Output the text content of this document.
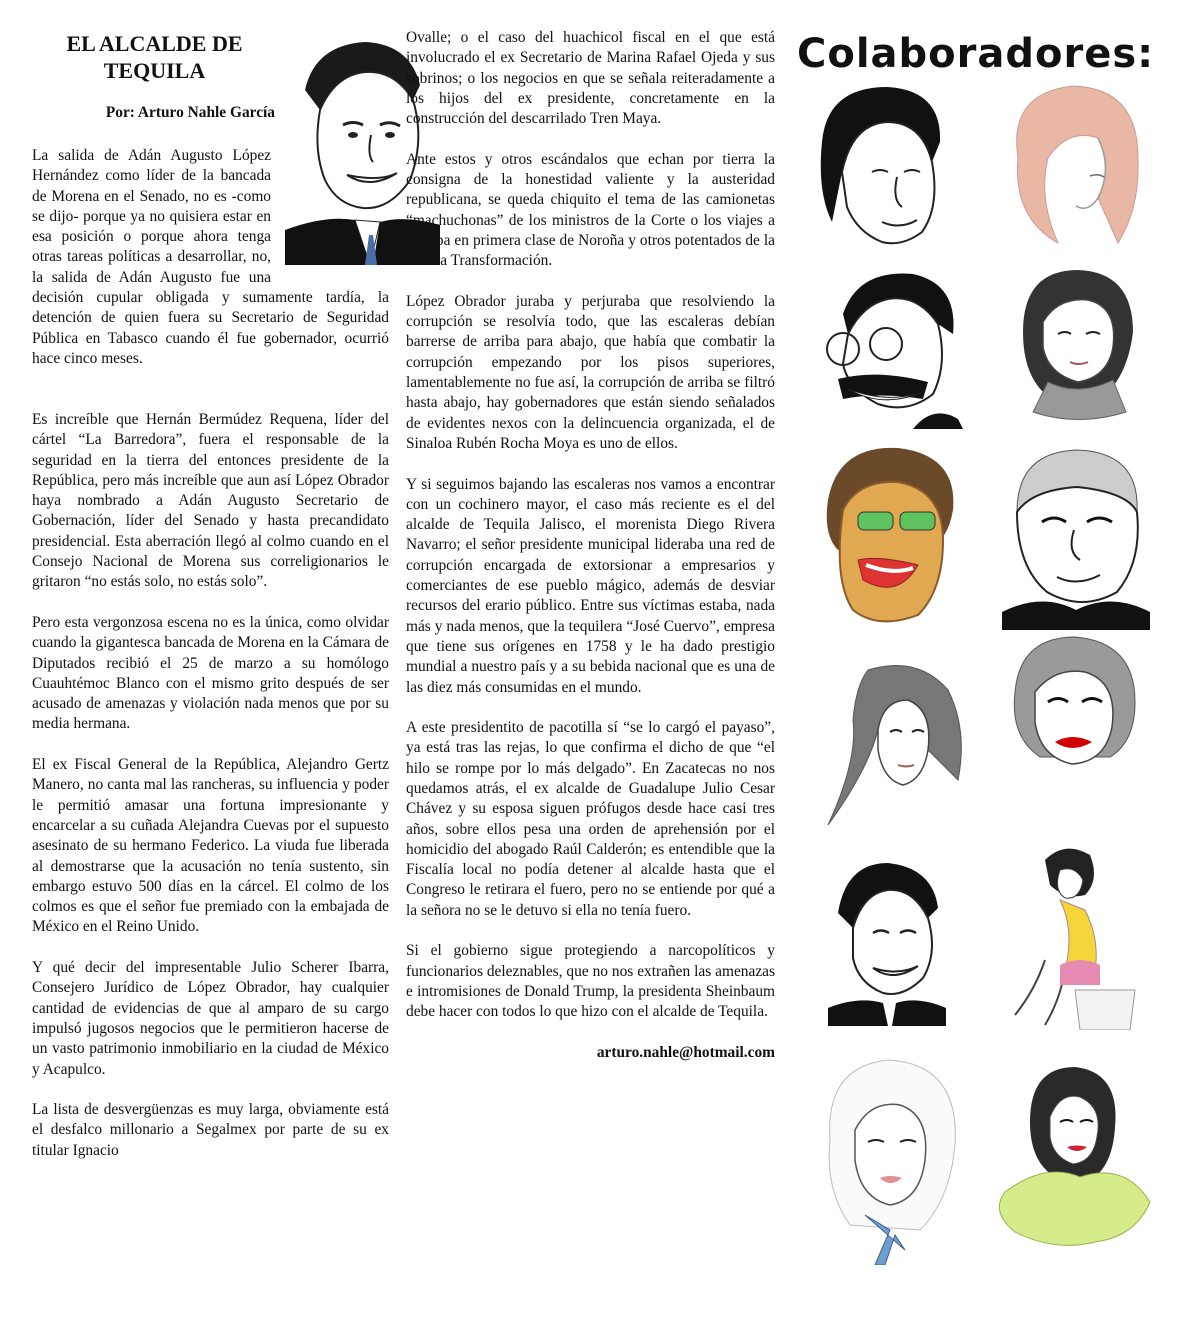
EL ALCALDE DE TEQUILA
Por: Arturo Nahle García
La salida de Adán Augusto López Hernández como líder de la bancada de Morena en el Senado, no es -como se dijo- porque ya no quisiera estar en esa posición o porque ahora tenga otras tareas políticas a desarrollar, no, la salida de Adán Augusto fue una decisión cupular obligada y sumamente tardía, la detención de quien fuera su Secretario de Seguridad Pública en Tabasco cuando él fue gobernador, ocurrió hace cinco meses.

Es increíble que Hernán Bermúdez Requena, líder del cártel “La Barredora”, fuera el responsable de la seguridad en la tierra del entonces presidente de la República, pero más increíble que aun así López Obrador haya nombrado a Adán Augusto Secretario de Gobernación, líder del Senado y hasta precandidato presidencial. Esta aberración llegó al colmo cuando en el Consejo Nacional de Morena sus correligionarios le gritaron “no estás solo, no estás solo”.

Pero esta vergonzosa escena no es la única, como olvidar cuando la gigantesca bancada de Morena en la Cámara de Diputados recibió el 25 de marzo a su homólogo Cuauhtémoc Blanco con el mismo grito después de ser acusado de amenazas y violación nada menos que por su media hermana.

El ex Fiscal General de la República, Alejandro Gertz Manero, no canta mal las rancheras, su influencia y poder le permitió amasar una fortuna impresionante y encarcelar a su cuñada Alejandra Cuevas por el supuesto asesinato de su hermano Federico. La viuda fue liberada al demostrarse que la acusación no tenía sustento, sin embargo estuvo 500 días en la cárcel. El colmo de los colmos es que el señor fue premiado con la embajada de México en el Reino Unido.

Y qué decir del impresentable Julio Scherer Ibarra, Consejero Jurídico de López Obrador, hay cualquier cantidad de evidencias de que al amparo de su cargo impulsó jugosos negocios que le permitieron hacerse de un vasto patrimonio inmobiliario en la ciudad de México y Acapulco.

La lista de desvergüenzas es muy larga, obviamente está el desfalco millonario a Segalmex por parte de su ex titular Ignacio

Ovalle; o el caso del huachicol fiscal en el que está involucrado el ex Secretario de Marina Rafael Ojeda y sus sobrinos; o los negocios en que se señala reiteradamente a los hijos del ex presidente, concretamente en la construcción del descarrilado Tren Maya.

Ante estos y otros escándalos que echan por tierra la consigna de la honestidad valiente y la austeridad republicana, se queda chiquito el tema de las camionetas “machuchonas” de los ministros de la Corte o los viajes a Europa en primera clase de Noroña y otros potentados de la Cuarta Transformación.

López Obrador juraba y perjuraba que resolviendo la corrupción se resolvía todo, que las escaleras debían barrerse de arriba para abajo, que había que combatir la corrupción empezando por los pisos superiores, lamentablemente no fue así, la corrupción de arriba se filtró hasta abajo, hay gobernadores que están siendo señalados de evidentes nexos con la delincuencia organizada, el de Sinaloa Rubén Rocha Moya es uno de ellos.

Y si seguimos bajando las escaleras nos vamos a encontrar con un cochinero mayor, el caso más reciente es el del alcalde de Tequila Jalisco, el morenista Diego Rivera Navarro; el señor presidente municipal lideraba una red de corrupción encargada de extorsionar a empresarios y comerciantes de ese pueblo mágico, además de desviar recursos del erario público. Entre sus víctimas estaba, nada más y nada menos, que la tequilera “José Cuervo”, empresa que tiene sus orígenes en 1758 y le ha dado prestigio mundial a nuestro país y a su bebida nacional que es una de las diez más consumidas en el mundo.

A este presidentito de pacotilla sí “se lo cargó el payaso”, ya está tras las rejas, lo que confirma el dicho de que “el hilo se rompe por lo más delgado”. En Zacatecas no nos quedamos atrás, el ex alcalde de Guadalupe Julio Cesar Chávez y su esposa siguen prófugos desde hace casi tres años, sobre ellos pesa una orden de aprehensión por el homicidio del abogado Raúl Calderón; es entendible que la Fiscalía local no podía detener al alcalde hasta que el Congreso le retirara el fuero, pero no se entiende por qué a la señora no se le detuvo si ella no tenía fuero.

Si el gobierno sigue protegiendo a narcopolíticos y funcionarios deleznables, que no nos extrañen las amenazas e intromisiones de Donald Trump, la presidenta Sheinbaum debe hacer con todos lo que hizo con el alcalde de Tequila.

arturo.nahle@hotmail.com

Colaboradores:
